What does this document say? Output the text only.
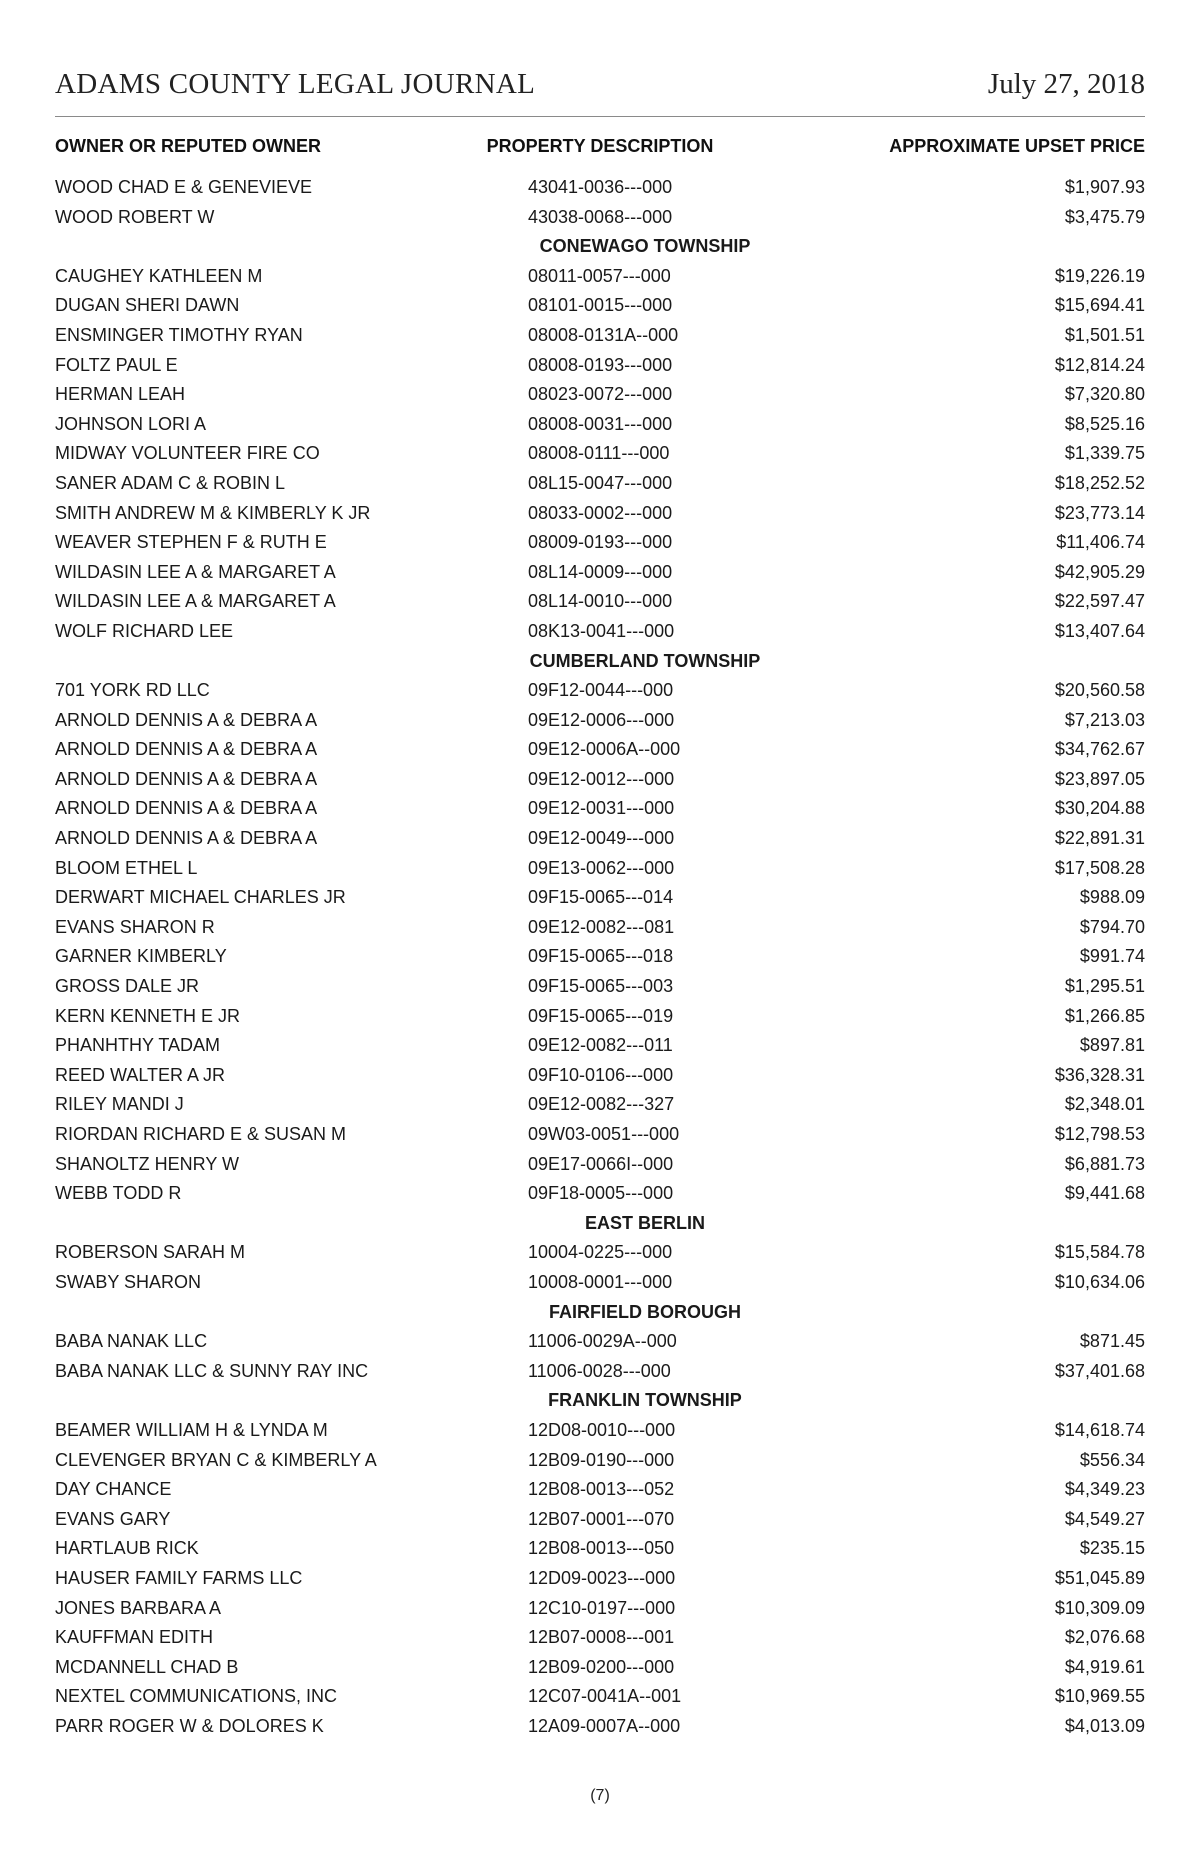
ADAMS COUNTY LEGAL JOURNAL	July 27, 2018
OWNER OR REPUTED OWNER	PROPERTY DESCRIPTION	APPROXIMATE UPSET PRICE
WOOD CHAD E & GENEVIEVE	43041-0036---000	$1,907.93
WOOD ROBERT W	43038-0068---000	$3,475.79
CONEWAGO TOWNSHIP
CAUGHEY KATHLEEN M	08011-0057---000	$19,226.19
DUGAN SHERI DAWN	08101-0015---000	$15,694.41
ENSMINGER TIMOTHY RYAN	08008-0131A--000	$1,501.51
FOLTZ PAUL E	08008-0193---000	$12,814.24
HERMAN LEAH	08023-0072---000	$7,320.80
JOHNSON LORI A	08008-0031---000	$8,525.16
MIDWAY VOLUNTEER FIRE CO	08008-0111---000	$1,339.75
SANER ADAM C & ROBIN L	08L15-0047---000	$18,252.52
SMITH ANDREW M & KIMBERLY K JR	08033-0002---000	$23,773.14
WEAVER STEPHEN F & RUTH E	08009-0193---000	$11,406.74
WILDASIN LEE A & MARGARET A	08L14-0009---000	$42,905.29
WILDASIN LEE A & MARGARET A	08L14-0010---000	$22,597.47
WOLF RICHARD LEE	08K13-0041---000	$13,407.64
CUMBERLAND TOWNSHIP
701 YORK RD LLC	09F12-0044---000	$20,560.58
ARNOLD DENNIS A & DEBRA A	09E12-0006---000	$7,213.03
ARNOLD DENNIS A & DEBRA A	09E12-0006A--000	$34,762.67
ARNOLD DENNIS A & DEBRA A	09E12-0012---000	$23,897.05
ARNOLD DENNIS A & DEBRA A	09E12-0031---000	$30,204.88
ARNOLD DENNIS A & DEBRA A	09E12-0049---000	$22,891.31
BLOOM ETHEL L	09E13-0062---000	$17,508.28
DERWART MICHAEL CHARLES JR	09F15-0065---014	$988.09
EVANS SHARON R	09E12-0082---081	$794.70
GARNER KIMBERLY	09F15-0065---018	$991.74
GROSS DALE JR	09F15-0065---003	$1,295.51
KERN KENNETH E JR	09F15-0065---019	$1,266.85
PHANHTHY TADAM	09E12-0082---011	$897.81
REED WALTER A JR	09F10-0106---000	$36,328.31
RILEY MANDI J	09E12-0082---327	$2,348.01
RIORDAN RICHARD E & SUSAN M	09W03-0051---000	$12,798.53
SHANOLTZ HENRY W	09E17-0066I--000	$6,881.73
WEBB TODD R	09F18-0005---000	$9,441.68
EAST BERLIN
ROBERSON SARAH M	10004-0225---000	$15,584.78
SWABY SHARON	10008-0001---000	$10,634.06
FAIRFIELD BOROUGH
BABA NANAK LLC	11006-0029A--000	$871.45
BABA NANAK LLC & SUNNY RAY INC	11006-0028---000	$37,401.68
FRANKLIN TOWNSHIP
BEAMER WILLIAM H & LYNDA M	12D08-0010---000	$14,618.74
CLEVENGER BRYAN C & KIMBERLY A	12B09-0190---000	$556.34
DAY CHANCE	12B08-0013---052	$4,349.23
EVANS GARY	12B07-0001---070	$4,549.27
HARTLAUB RICK	12B08-0013---050	$235.15
HAUSER FAMILY FARMS LLC	12D09-0023---000	$51,045.89
JONES BARBARA A	12C10-0197---000	$10,309.09
KAUFFMAN EDITH	12B07-0008---001	$2,076.68
MCDANNELL CHAD B	12B09-0200---000	$4,919.61
NEXTEL COMMUNICATIONS, INC	12C07-0041A--001	$10,969.55
PARR ROGER W & DOLORES K	12A09-0007A--000	$4,013.09
(7)
